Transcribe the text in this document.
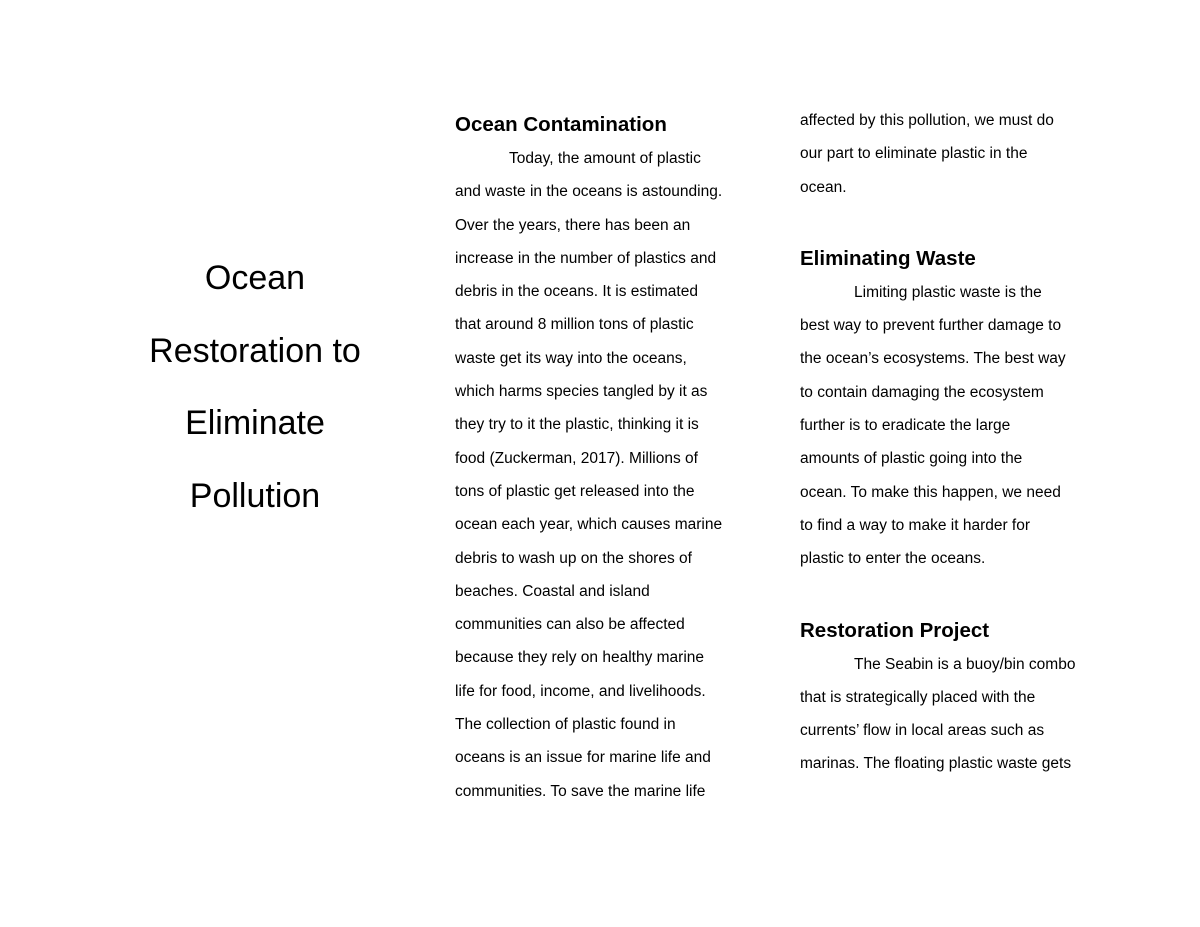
Ocean
Restoration to
Eliminate
Pollution
Ocean Contamination
Today, the amount of plastic
and waste in the oceans is astounding.
Over the years, there has been an
increase in the number of plastics and
debris in the oceans. It is estimated
that around 8 million tons of plastic
waste get its way into the oceans,
which harms species tangled by it as
they try to it the plastic, thinking it is
food (Zuckerman, 2017). Millions of
tons of plastic get released into the
ocean each year, which causes marine
debris to wash up on the shores of
beaches. Coastal and island
communities can also be affected
because they rely on healthy marine
life for food, income, and livelihoods.
The collection of plastic found in
oceans is an issue for marine life and
communities. To save the marine life
affected by this pollution, we must do
our part to eliminate plastic in the
ocean.
Eliminating Waste
Limiting plastic waste is the
best way to prevent further damage to
the ocean’s ecosystems. The best way
to contain damaging the ecosystem
further is to eradicate the large
amounts of plastic going into the
ocean. To make this happen, we need
to find a way to make it harder for
plastic to enter the oceans.
Restoration Project
The Seabin is a buoy/bin combo
that is strategically placed with the
currents’ flow in local areas such as
marinas. The floating plastic waste gets
